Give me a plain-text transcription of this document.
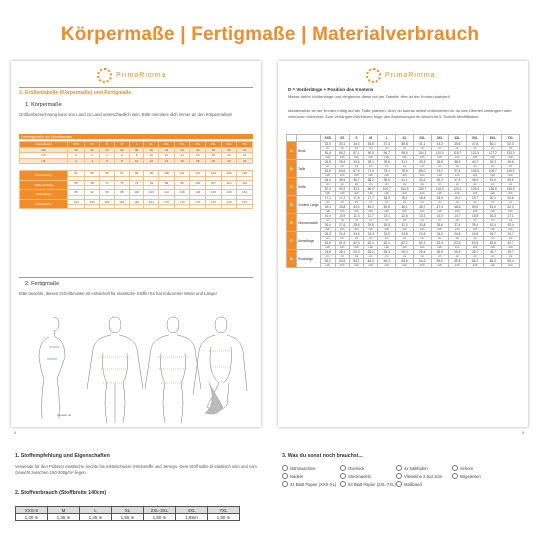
Körpermaße | Fertigmaße | Materialverbrauch
PrimaRimma
2. Größentabelle (Körpermaße) und Fertigmaße
1. Körpermaße
Größenbezeichnung kann von Land zu Land unterschiedlich sein. Bitte orientiere dich immer an den Körpermaßen!
Lieferungsmaße des Schnittmusters
International	XXS	XS	S	M	L	XL	2XL	3XL	4XL	5XL	6XL	7XL
DE	30	32	34	36	38	40	42	44	46	48	50	52
US	0	2	4	6	8	10	12	14	16	18	20	22
UK	2	4	6	8	10	12	14	16	18	20	22	24

Brustumfang	81	85	88	91	95	99	105	111	117	123	129	135

Taillenumfang	65	68	71	75	79	83	89	95	101	107	113	119

Hüftumfang	89	92	95	98	102	106	112	118	124	130	136	142

Körperhöhe	164	164	164	164	164	164	170	170	170	170	170	170

2. Fertigmaße
Bitte beachte, diesen Schnittmuster ist entwickelt für elastische Stoffe! Es hat reduzierter Weite und Länge!
Gerade de
4
PrimaRimma
D = Vorderlänge + Position des Knotens
Messe deine Vorderlänge und vergleiche diese mit der Tabelle! Hier ist der Knoten platziert!
Idealerweise ist der Knoten mittig auf der Taille platziert. Aber du kannst selbst entscheiden ob du das Oberteil verlängern oder verkürzen möchtest. Zum Verlängern/Verkürzen folge den Anweisungen im Abschnitt 5. Schnitt-Modifikation.
		XXS	XS	S	M	L	XL	2XL	3XL	4XL	5XL	6XL	7XL
A	Brust	32,0	33,1	34,3	35,8	37,3	38,8	41,1	43,3	45,6	47,8	50,1	52,3
		cm	cm	cm	cm	cm	cm	cm	cm	cm	cm	cm	cm
		81,4	84,2	87,1	90,9	94,7	98,5	104,3	110,0	115,7	121,5	127,2	133,0
		inch	inch	inch	inch	inch	inch	inch	inch	inch	inch	inch	inch
B	Taille	24,5	25,4	26,6	28,1	29,6	31,1	33,3	35,5	38,5	40,7	43,3	45,6
		cm	cm	cm	cm	cm	cm	cm	cm	cm	cm	cm	cm
		61,9	64,6	67,5	71,3	75,1	78,9	85,0	91,2	97,4	103,5	109,7	115,9
		inch	inch	inch	inch	inch	inch	inch	inch	inch	inch	inch	inch
C	Hüfte	34,4	35,5	36,7	38,2	39,6	41,1	43,2	45,3	47,3	49,4	51,4	53,5
		cm	cm	cm	cm	cm	cm	cm	cm	cm	cm	cm	cm
		87,4	90,2	93,1	96,9	100,7	104,5	109,7	115,0	120,2	125,4	130,6	135,9
		inch	inch	inch	inch	inch	inch	inch	inch	inch	inch	inch	inch
D	Vordere Länge	17,1	17,2	17,5	17,7	18,0	18,1	18,4	18,6	19,2	19,7	20,1	20,6
		cm	cm	cm	cm	cm	cm	cm	cm	cm	cm	cm	cm
		43,4	43,8	44,4	45,0	45,6	46,1	46,7	47,4	48,8	50,0	51,0	52,3
		inch	inch	inch	inch	inch	inch	inch	inch	inch	inch	inch	inch
E	Oberarmweite	10,4	10,9	11,3	11,7	12,1	12,6	13,3	14,0	14,7	15,5	16,3	17,1
		cm	cm	cm	cm	cm	cm	cm	cm	cm	cm	cm	cm
		26,4	27,6	28,6	29,8	30,8	32,0	33,8	35,6	37,4	39,4	41,4	43,4
		inch	inch	inch	inch	inch	inch	inch	inch	inch	inch	inch	inch
F	Ärmellänge	24,3	24,4	24,4	24,4	24,5	24,5	24,5	24,6	24,6	24,6	24,7	24,7
		cm	cm	cm	cm	cm	cm	cm	cm	cm	cm	cm	cm
		61,9	61,9	62,0	62,1	62,1	62,2	62,3	62,4	62,5	62,5	62,6	62,7
		inch	inch	inch	inch	inch	inch	inch	inch	inch	inch	inch	inch
G	Rocklänge	24,8	25,1	25,3	25,2	25,3	25,4	25,6	25,9	25,9	25,7	25,7	25,7
		cm	cm	cm	cm	cm	cm	cm	cm	cm	cm	cm	cm
		63,0	63,5	64,1	64,0	64,3	64,6	64,9	65,0	65,5	65,2	65,3	65,4
		inch	inch	inch	inch	inch	inch	inch	inch	inch	inch	inch	inch
5
1. Stoffempfehlung und Eigenschaften
Verwende für den Pullover elastische, leichte bis mittelschwere Strickstoffe und Jerseys. Dein Stoff sollte bi-elastisch sein und vom Gewicht zwischen 150-300g/m² liegen.
2. Stoffverbrauch (Stoffbreite 140cm)
XXS-S	M	L	XL	2XL-3XL	4XL	7XL
1,30 m	1,35 m	1,45 m	1,55 m	1,80 m	1,85m	1,90 m
3. Was du sonst noch brauchst...
Nähmaschine	Overlock	4x Nähfaden	Schere
Nadeln	Stecknadeln	Vlieseline 2,5x2,5cm	Bügeleisen
31 Blatt Papier (XXS-XL)	53 Blatt Papier (2XL-7XL) Maßband
